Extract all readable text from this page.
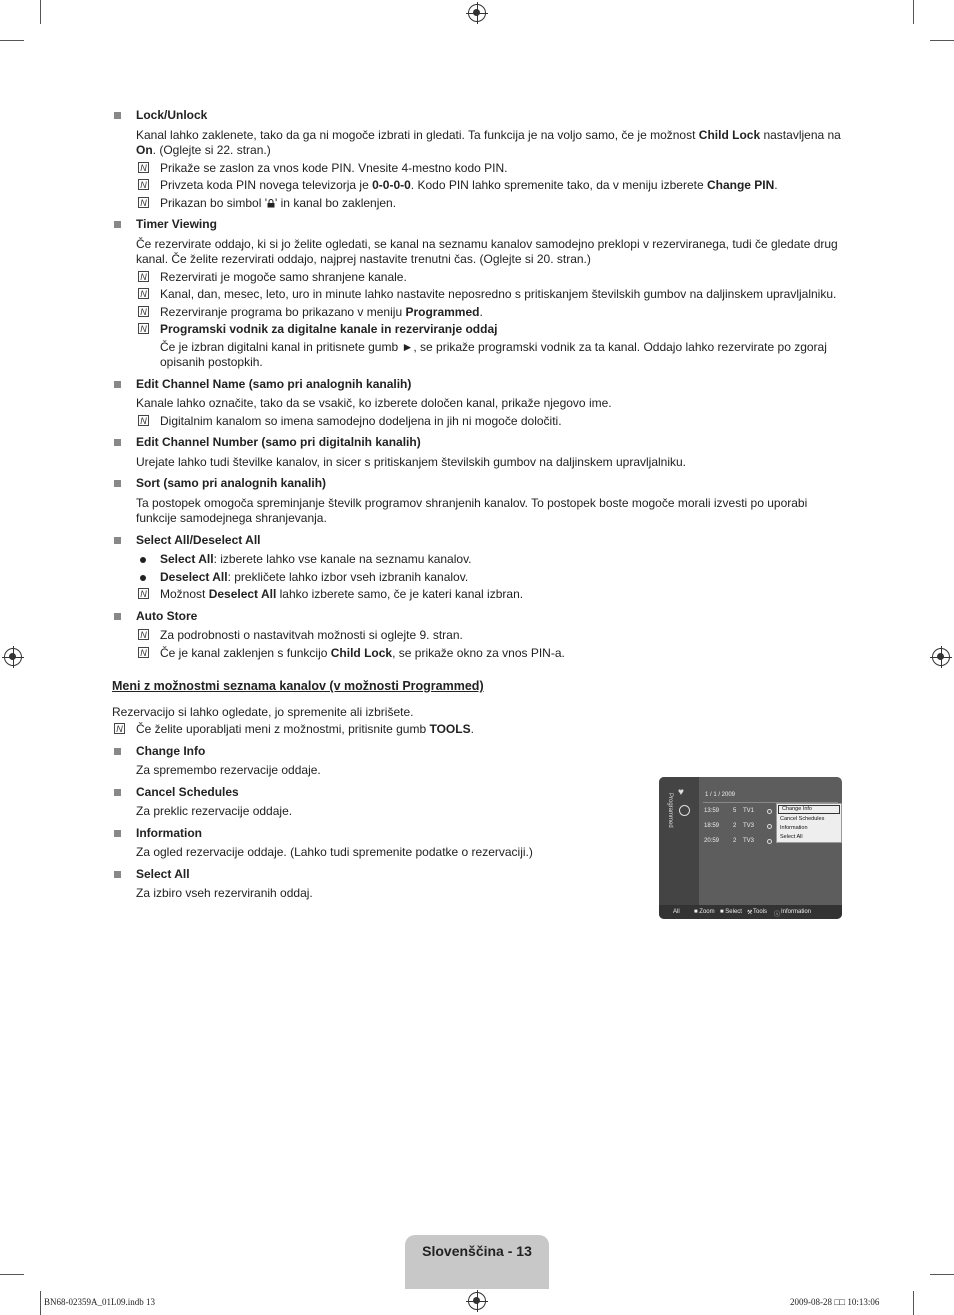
Lock/Unlock
Kanal lahko zaklenete, tako da ga ni mogoče izbrati in gledati. Ta funkcija je na voljo samo, če je možnost Child Lock nastavljena na On. (Oglejte si 22. stran.)
N Prikaže se zaslon za vnos kode PIN. Vnesite 4-mestno kodo PIN.
N Privzeta koda PIN novega televizorja je 0-0-0-0. Kodo PIN lahko spremenite tako, da v meniju izberete Change PIN.
N Prikazan bo simbol ' ' in kanal bo zaklenjen.
Timer Viewing
Če rezervirate oddajo, ki si jo želite ogledati, se kanal na seznamu kanalov samodejno preklopi v rezerviranega, tudi če gledate drug kanal. Če želite rezervirati oddajo, najprej nastavite trenutni čas. (Oglejte si 20. stran.)
N Rezervirati je mogoče samo shranjene kanale.
N Kanal, dan, mesec, leto, uro in minute lahko nastavite neposredno s pritiskanjem številskih gumbov na daljinskem upravljalniku.
N Rezerviranje programa bo prikazano v meniju Programmed.
N Programski vodnik za digitalne kanale in rezerviranje oddaj
Če je izbran digitalni kanal in pritisnete gumb ►, se prikaže programski vodnik za ta kanal. Oddajo lahko rezervirate po zgoraj opisanih postopkih.
Edit Channel Name (samo pri analognih kanalih)
Kanale lahko označite, tako da se vsakič, ko izberete določen kanal, prikaže njegovo ime.
N Digitalnim kanalom so imena samodejno dodeljena in jih ni mogoče določiti.
Edit Channel Number (samo pri digitalnih kanalih)
Urejate lahko tudi številke kanalov, in sicer s pritiskanjem številskih gumbov na daljinskem upravljalniku.
Sort (samo pri analognih kanalih)
Ta postopek omogoča spreminjanje številk programov shranjenih kanalov. To postopek boste mogoče morali izvesti po uporabi funkcije samodejnega shranjevanja.
Select All/Deselect All
Select All: izberete lahko vse kanale na seznamu kanalov.
Deselect All: prekličete lahko izbor vseh izbranih kanalov.
N Možnost Deselect All lahko izberete samo, če je kateri kanal izbran.
Auto Store
N Za podrobnosti o nastavitvah možnosti si oglejte 9. stran.
N Če je kanal zaklenjen s funkcijo Child Lock, se prikaže okno za vnos PIN-a.
Meni z možnostmi seznama kanalov (v možnosti Programmed)
Rezervacijo si lahko ogledate, jo spremenite ali izbrišete.
N Če želite uporabljati meni z možnostmi, pritisnite gumb TOOLS.
Change Info
Za spremembo rezervacije oddaje.
Cancel Schedules
Za preklic rezervacije oddaje.
Information
Za ogled rezervacije oddaje. (Lahko tudi spremenite podatke o rezervaciji.)
Select All
Za izbiro vseh rezerviranih oddaj.
Programmed
♥	1 / 1 / 2009
13:59 5 TV1
18:59 2 TV3
20:59 2 TV3
Change Info
Cancel Schedules
Information
Select All
All ■ Zoom ■ Select ⚒ Tools ⓘ Information
Slovenščina - 13
BN68-02359A_01L09.indb 13	2009-08-28 □□ 10:13:06
